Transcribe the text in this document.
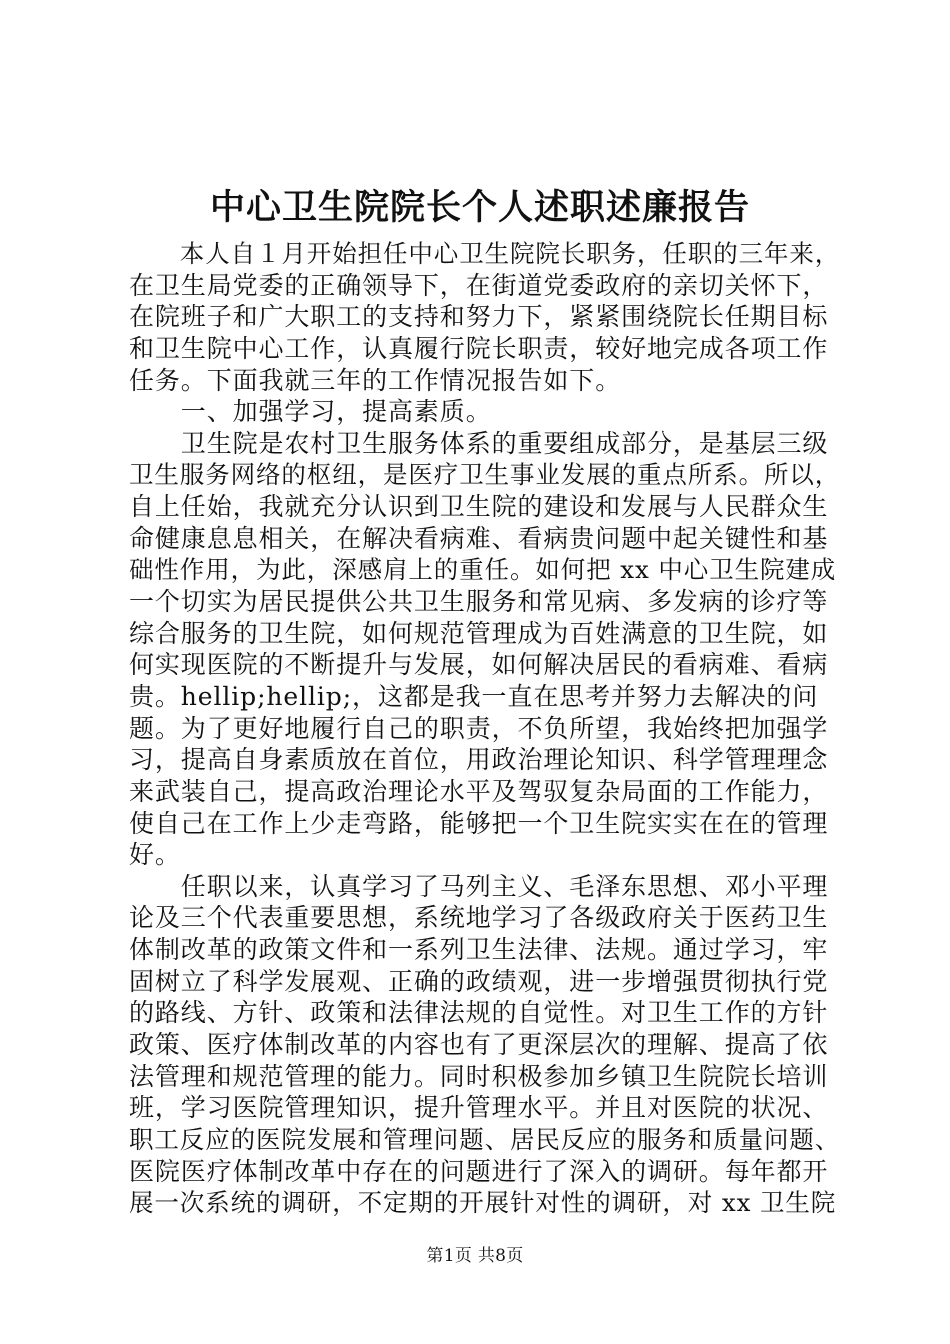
中心卫生院院长个人述职述廉报告
　　本人自１月开始担任中心卫生院院长职务，任职的三年来，
在卫生局党委的正确领导下，在街道党委政府的亲切关怀下，
在院班子和广大职工的支持和努力下，紧紧围绕院长任期目标
和卫生院中心工作，认真履行院长职责，较好地完成各项工作
任务。下面我就三年的工作情况报告如下。
　　一、加强学习，提高素质。
　　卫生院是农村卫生服务体系的重要组成部分，是基层三级
卫生服务网络的枢纽，是医疗卫生事业发展的重点所系。所以，
自上任始，我就充分认识到卫生院的建设和发展与人民群众生
命健康息息相关，在解决看病难、看病贵问题中起关键性和基
础性作用，为此，深感肩上的重任。如何把 xx 中心卫生院建成
一个切实为居民提供公共卫生服务和常见病、多发病的诊疗等
综合服务的卫生院，如何规范管理成为百姓满意的卫生院，如
何实现医院的不断提升与发展，如何解决居民的看病难、看病
贵。hellip;hellip;，这都是我一直在思考并努力去解决的问
题。为了更好地履行自己的职责，不负所望，我始终把加强学
习，提高自身素质放在首位，用政治理论知识、科学管理理念
来武装自己，提高政治理论水平及驾驭复杂局面的工作能力，
使自己在工作上少走弯路，能够把一个卫生院实实在在的管理
好。
　　任职以来，认真学习了马列主义、毛泽东思想、邓小平理
论及三个代表重要思想，系统地学习了各级政府关于医药卫生
体制改革的政策文件和一系列卫生法律、法规。通过学习，牢
固树立了科学发展观、正确的政绩观，进一步增强贯彻执行党
的路线、方针、政策和法律法规的自觉性。对卫生工作的方针
政策、医疗体制改革的内容也有了更深层次的理解、提高了依
法管理和规范管理的能力。同时积极参加乡镇卫生院院长培训
班，学习医院管理知识，提升管理水平。并且对医院的状况、
职工反应的医院发展和管理问题、居民反应的服务和质量问题、
医院医疗体制改革中存在的问题进行了深入的调研。每年都开
展一次系统的调研，不定期的开展针对性的调研，对 xx 卫生院
第1页 共8页
